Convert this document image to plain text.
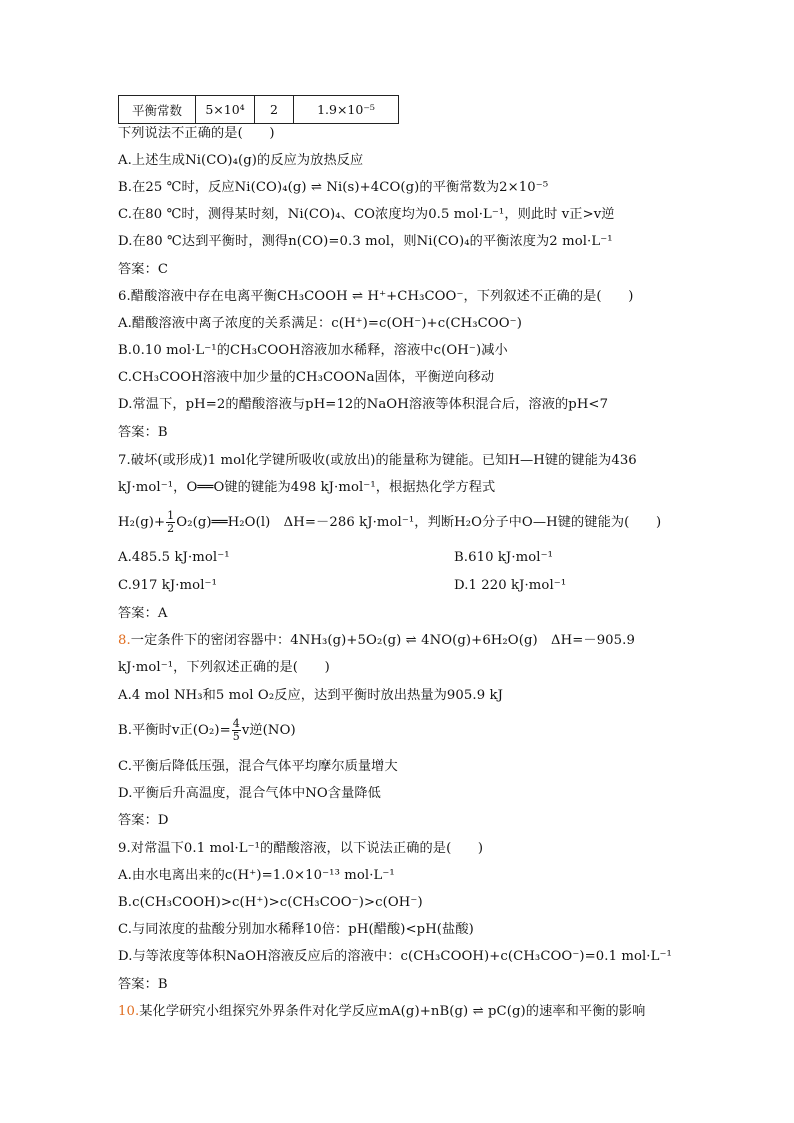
平衡常数	5×10⁴	2	1.9×10⁻⁵
下列说法不正确的是(　　)
A.上述生成Ni(CO)₄(g)的反应为放热反应
B.在25 ℃时，反应Ni(CO)₄(g) ⇌ Ni(s)+4CO(g)的平衡常数为2×10⁻⁵
C.在80 ℃时，测得某时刻，Ni(CO)₄、CO浓度均为0.5 mol·L⁻¹，则此时 v正>v逆
D.在80 ℃达到平衡时，测得n(CO)=0.3 mol，则Ni(CO)₄的平衡浓度为2 mol·L⁻¹
答案：C
6.醋酸溶液中存在电离平衡CH₃COOH ⇌ H⁺+CH₃COO⁻，下列叙述不正确的是(　　)
A.醋酸溶液中离子浓度的关系满足：c(H⁺)=c(OH⁻)+c(CH₃COO⁻)
B.0.10 mol·L⁻¹的CH₃COOH溶液加水稀释，溶液中c(OH⁻)减小
C.CH₃COOH溶液中加少量的CH₃COONa固体，平衡逆向移动
D.常温下，pH=2的醋酸溶液与pH=12的NaOH溶液等体积混合后，溶液的pH<7
答案：B
7.破坏(或形成)1 mol化学键所吸收(或放出)的能量称为键能。已知H—H键的键能为436
kJ·mol⁻¹，O══O键的键能为498 kJ·mol⁻¹，根据热化学方程式
$H_2(g)+ \frac{1}{2}$ O₂(g)══H₂O(l)　ΔH=－286 kJ·mol⁻¹，判断H₂O分子中O—H键的键能为(　　)
A.485.5 kJ·mol⁻¹	B.610 kJ·mol⁻¹
C.917 kJ·mol⁻¹	D.1 220 kJ·mol⁻¹
答案：A
8.一定条件下的密闭容器中：4NH₃(g)+5O₂(g) ⇌ 4NO(g)+6H₂O(g)　ΔH=－905.9
kJ·mol⁻¹，下列叙述正确的是(　　)
A.4 mol NH₃和5 mol O₂反应，达到平衡时放出热量为905.9 kJ
B.平衡时v正$(O_2)= \frac{4}{5}$ v逆(NO)
C.平衡后降低压强，混合气体平均摩尔质量增大
D.平衡后升高温度，混合气体中NO含量降低
答案：D
9.对常温下0.1 mol·L⁻¹的醋酸溶液，以下说法正确的是(　　)
A.由水电离出来的c(H⁺)=1.0×10⁻¹³ mol·L⁻¹
B.c(CH₃COOH)>c(H⁺)>c(CH₃COO⁻)>c(OH⁻)
C.与同浓度的盐酸分别加水稀释10倍：pH(醋酸)<pH(盐酸)
D.与等浓度等体积NaOH溶液反应后的溶液中：c(CH₃COOH)+c(CH₃COO⁻)=0.1 mol·L⁻¹
答案：B
10.某化学研究小组探究外界条件对化学反应mA(g)+nB(g) ⇌ pC(g)的速率和平衡的影响
